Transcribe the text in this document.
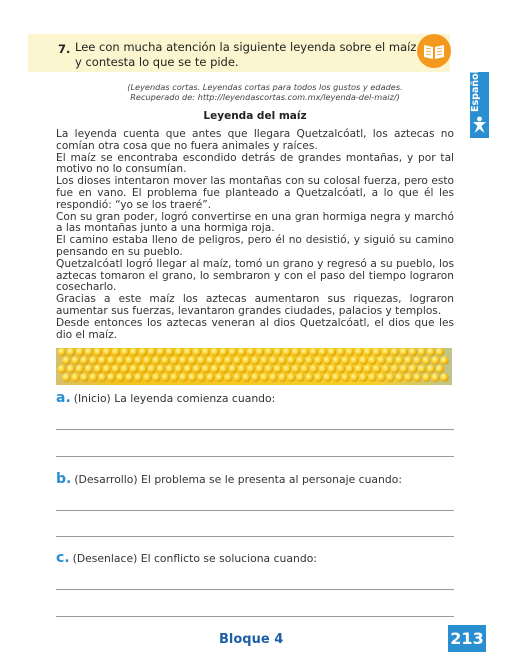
7. Lee con mucha atención la siguiente leyenda sobre el maíz y contesta lo que se te pide.
Español
(Leyendas cortas. Leyendas cortas para todos los gustos y edades.
Recuperado de: http://leyendascortas.com.mx/leyenda-del-maiz/)
Leyenda del maíz

La leyenda cuenta que antes que llegara Quetzalcóatl, los aztecas no comían otra cosa que no fuera animales y raíces.

El maíz se encontraba escondido detrás de grandes montañas, y por tal motivo no lo consumían.

Los dioses intentaron mover las montañas con su colosal fuerza, pero esto fue en vano. El problema fue planteado a Quetzalcóatl, a lo que él les respondió: “yo se los traeré”.

Con su gran poder, logró convertirse en una gran hormiga negra y marchó a las montañas junto a una hormiga roja.

El camino estaba lleno de peligros, pero él no desistió, y siguió su camino pensando en su pueblo.

Quetzalcóatl logró llegar al maíz, tomó un grano y regresó a su pueblo, los aztecas tomaron el grano, lo sembraron y con el paso del tiempo lograron cosecharlo.

Gracias a este maíz los aztecas aumentaron sus riquezas, lograron aumentar sus fuerzas, levantaron grandes ciudades, palacios y templos.

Desde entonces los aztecas veneran al dios Quetzalcóatl, el dios que les dio el maíz.

a. (Inicio) La leyenda comienza cuando:
b. (Desarrollo) El problema se le presenta al personaje cuando:
c. (Desenlace) El conflicto se soluciona cuando:
Bloque 4	213
